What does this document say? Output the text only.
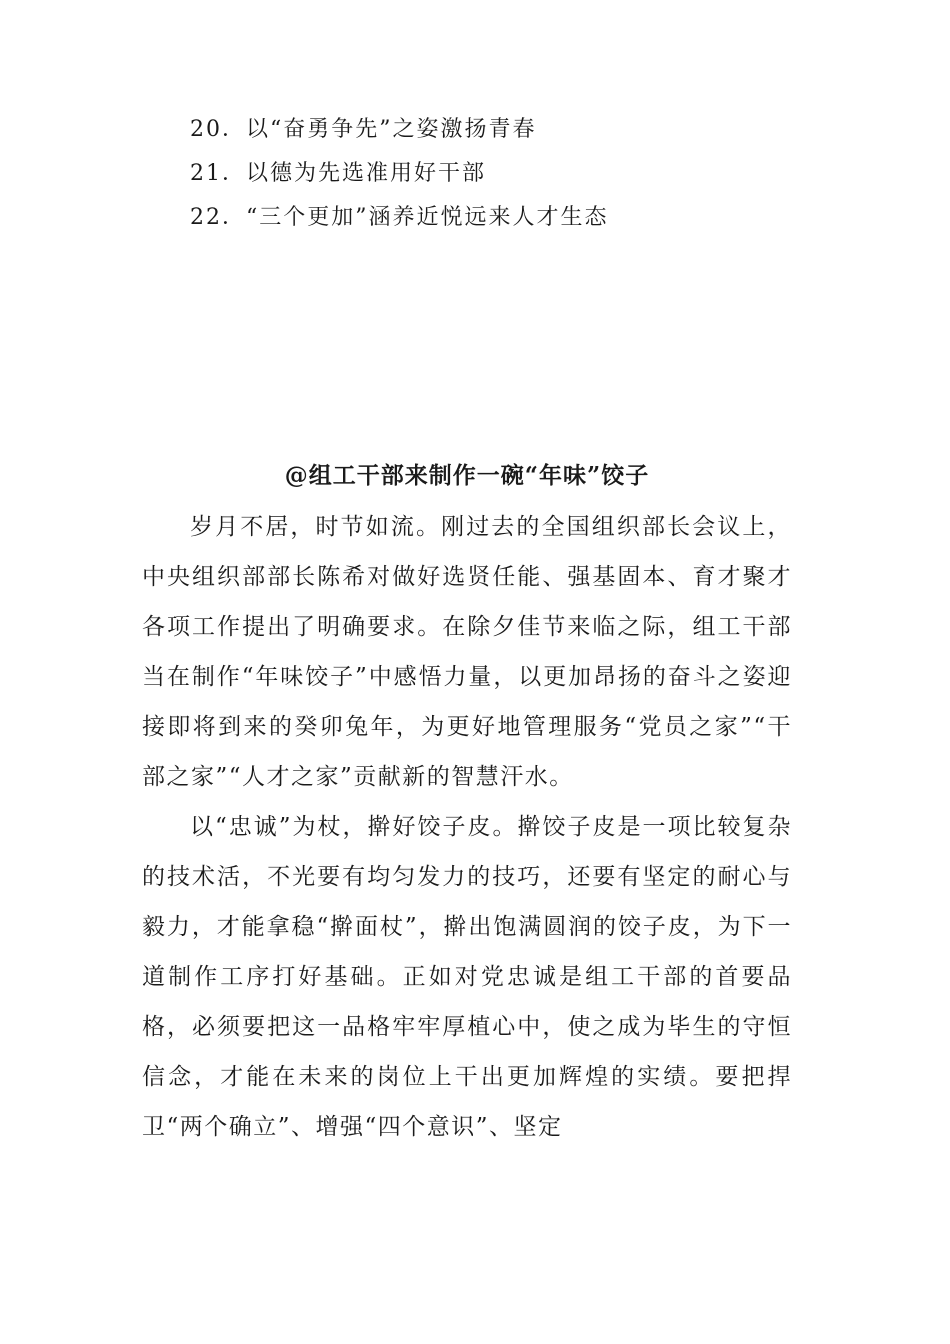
20．以“奋勇争先”之姿激扬青春
21．以德为先选准用好干部
22．“三个更加”涵养近悦远来人才生态
@组工干部来制作一碗“年味”饺子

岁月不居，时节如流。刚过去的全国组织部长会议上，中央组织部部长陈希对做好选贤任能、强基固本、育才聚才各项工作提出了明确要求。在除夕佳节来临之际，组工干部当在制作“年味饺子”中感悟力量，以更加昂扬的奋斗之姿迎接即将到来的癸卯兔年，为更好地管理服务“党员之家”“干部之家”“人才之家”贡献新的智慧汗水。

以“忠诚”为杖，擀好饺子皮。擀饺子皮是一项比较复杂的技术活，不光要有均匀发力的技巧，还要有坚定的耐心与毅力，才能拿稳“擀面杖”，擀出饱满圆润的饺子皮，为下一道制作工序打好基础。正如对党忠诚是组工干部的首要品格，必须要把这一品格牢牢厚植心中，使之成为毕生的守恒信念，才能在未来的岗位上干出更加辉煌的实绩。要把捍卫“两个确立”、增强“四个意识”、坚定
